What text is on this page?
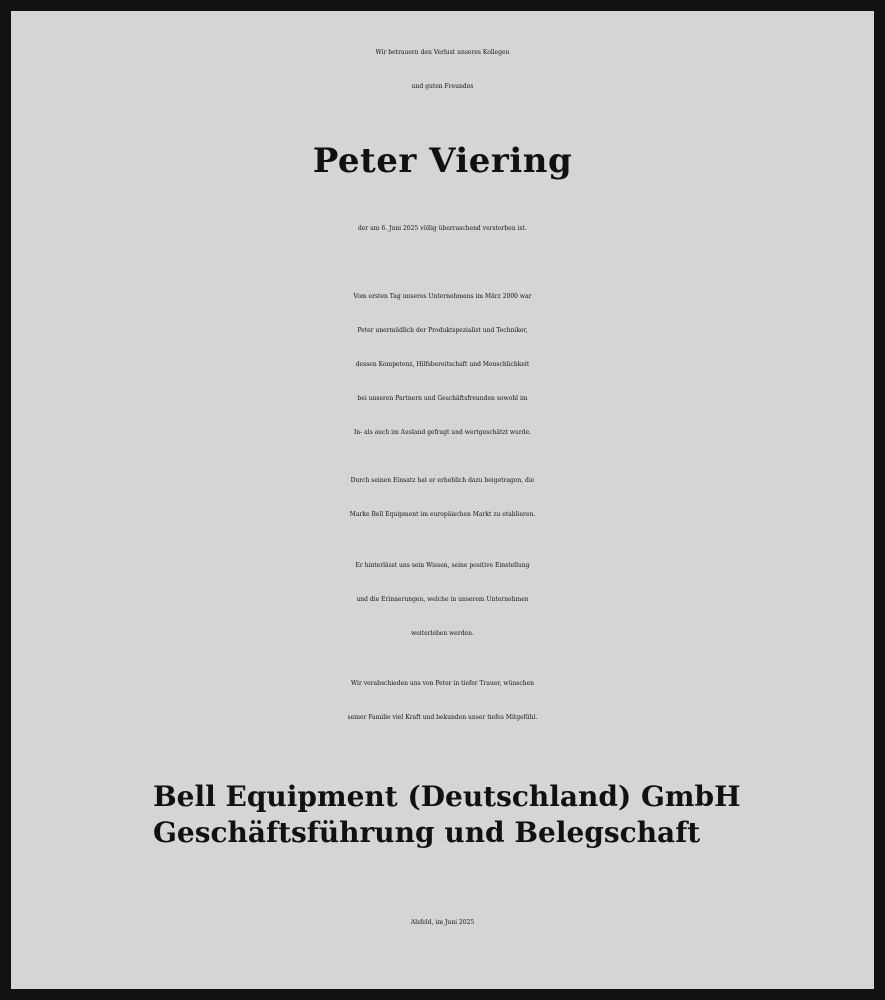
Wir betrauern den Verlust unseres Kollegen

und guten Freundes

Peter Viering

der am 6. Juni 2025 völlig überraschend verstorben ist.

Vom ersten Tag unseres Unternehmens im März 2000 war

Peter unermüdlich der Produktspezialist und Techniker,

dessen Kompetenz, Hilfsbereitschaft und Menschlichkeit

bei unseren Partnern und Geschäftsfreunden sowohl im

In- als auch im Ausland gefragt und wertgeschätzt wurde.

Durch seinen Einsatz hat er erheblich dazu beigetragen, die

Marke Bell Equipment im europäischen Markt zu etablieren.

Er hinterlässt uns sein Wissen, seine positive Einstellung

und die Erinnerungen, welche in unserem Unternehmen

weiterleben werden.

Wir verabschieden uns von Peter in tiefer Trauer, wünschen

seiner Familie viel Kraft und bekunden unser tiefes Mitgefühl.

Bell Equipment (Deutschland) GmbH

Geschäftsführung und Belegschaft

Alsfeld, im Juni 2025
